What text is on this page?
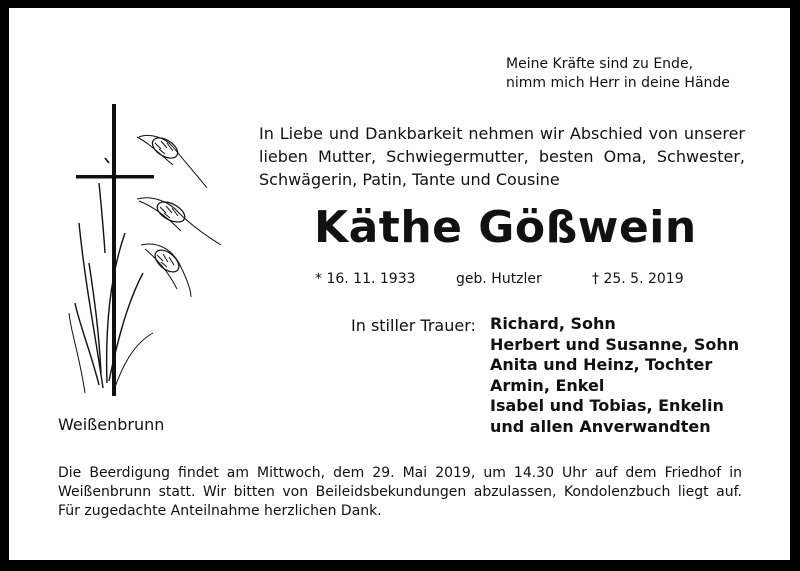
Meine Kräfte sind zu Ende,
nimm mich Herr in deine Hände
In Liebe und Dankbarkeit nehmen wir Abschied von unserer lieben Mutter, Schwiegermutter, besten Oma, Schwester, Schwägerin, Patin, Tante und Cousine
Käthe Gößwein
* 16. 11. 1933	geb. Hutzler	† 25. 5. 2019
In stiller Trauer: Richard, Sohn
Herbert und Susanne, Sohn
Anita und Heinz, Tochter
Armin, Enkel
Isabel und Tobias, Enkelin
und allen Anverwandten
Weißenbrunn
Die Beerdigung findet am Mittwoch, dem 29. Mai 2019, um 14.30 Uhr auf dem Friedhof in
Weißenbrunn statt. Wir bitten von Beileidsbekundungen abzulassen, Kondolenzbuch liegt auf.
Für zugedachte Anteilnahme herzlichen Dank.
